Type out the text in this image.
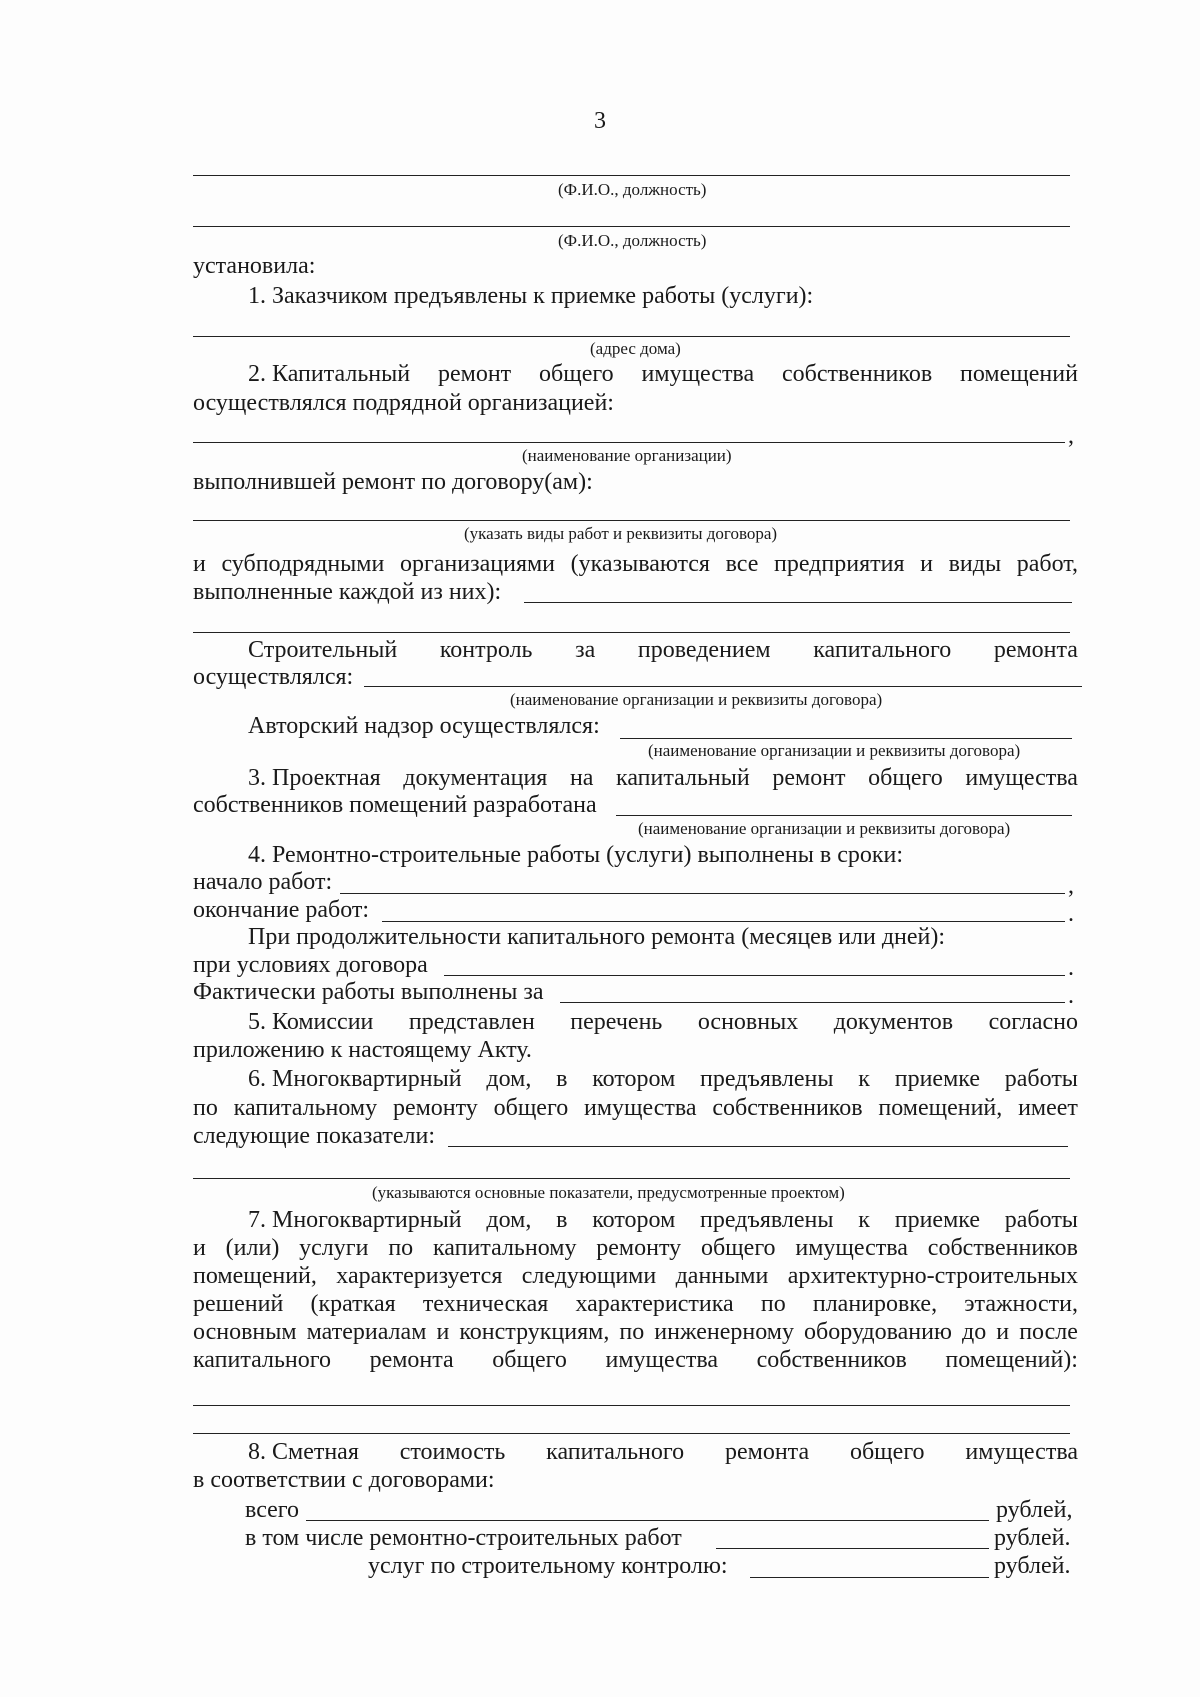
3
(Ф.И.О., должность)
(Ф.И.О., должность)
установила:
1. Заказчиком предъявлены к приемке работы (услуги):
(адрес дома)
2. Капитальный ремонт общего имущества собственников помещений
осуществлялся подрядной организацией:
,
(наименование организации)
выполнившей ремонт по договору(ам):
(указать виды работ и реквизиты договора)
и субподрядными организациями (указываются все предприятия и виды работ,
выполненные каждой из них):
Строительный контроль за проведением капитального ремонта
осуществлялся:
(наименование организации и реквизиты договора)
Авторский надзор осуществлялся:
(наименование организации и реквизиты договора)
3. Проектная документация на капитальный ремонт общего имущества
собственников помещений разработана
(наименование организации и реквизиты договора)
4. Ремонтно-строительные работы (услуги) выполнены в сроки:
начало работ:	,
окончание работ:	.
При продолжительности капитального ремонта (месяцев или дней):
при условиях договора	.
Фактически работы выполнены за	.
5. Комиссии представлен перечень основных документов согласно
приложению к настоящему Акту.
6. Многоквартирный дом, в котором предъявлены к приемке работы
по капитальному ремонту общего имущества собственников помещений, имеет
следующие показатели:
(указываются основные показатели, предусмотренные проектом)
7. Многоквартирный дом, в котором предъявлены к приемке работы
и (или) услуги по капитальному ремонту общего имущества собственников
помещений, характеризуется следующими данными архитектурно-строительных
решений (краткая техническая характеристика по планировке, этажности,
основным материалам и конструкциям, по инженерному оборудованию до и после
капитального ремонта общего имущества собственников помещений):
8. Сметная стоимость капитального ремонта общего имущества
в соответствии с договорами:
всего	рублей,
в том числе ремонтно-строительных работ	рублей.
услуг по строительному контролю:	рублей.
